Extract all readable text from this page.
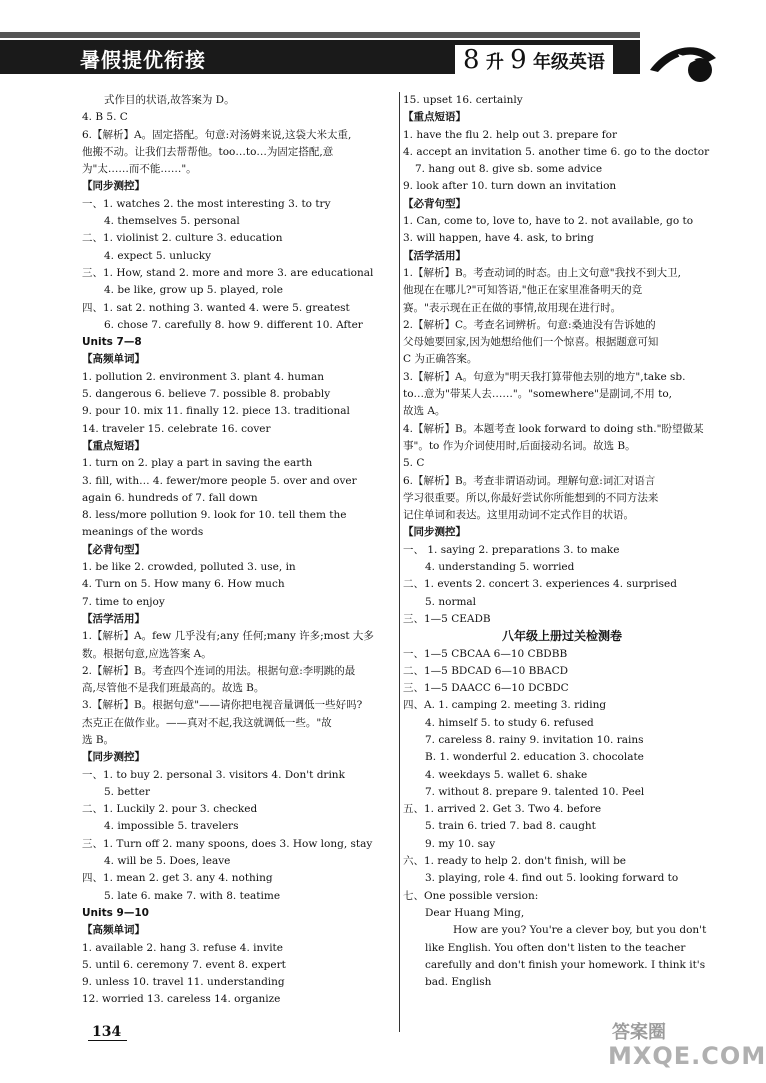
暑假提优衔接	8 升 9 年级英语
式作目的状语,故答案为 D。
4. B 5. C
6.【解析】A。固定搭配。句意:对汤姆来说,这袋大米太重,
他搬不动。让我们去帮帮他。too…to…为固定搭配,意
为"太……而不能……"。
【同步测控】
一、1. watches 2. the most interesting 3. to try
4. themselves 5. personal
二、1. violinist 2. culture 3. education
4. expect 5. unlucky
三、1. How, stand 2. more and more 3. are educational
4. be like, grow up 5. played, role
四、1. sat 2. nothing 3. wanted 4. were 5. greatest
6. chose 7. carefully 8. how 9. different 10. After
Units 7—8
【高频单词】
1. pollution 2. environment 3. plant 4. human
5. dangerous 6. believe 7. possible 8. probably
9. pour 10. mix 11. finally 12. piece 13. traditional
14. traveler 15. celebrate 16. cover
【重点短语】
1. turn on 2. play a part in saving the earth
3. fill, with… 4. fewer/more people 5. over and over
again 6. hundreds of 7. fall down
8. less/more pollution 9. look for 10. tell them the
meanings of the words
【必背句型】
1. be like 2. crowded, polluted 3. use, in
4. Turn on 5. How many 6. How much
7. time to enjoy
【活学活用】
1.【解析】A。few 几乎没有;any 任何;many 许多;most 大多
数。根据句意,应选答案 A。
2.【解析】B。考查四个连词的用法。根据句意:李明跳的最
高,尽管他不是我们班最高的。故选 B。
3.【解析】B。根据句意"——请你把电视音量调低一些好吗?
杰克正在做作业。——真对不起,我这就调低一些。"故
选 B。
【同步测控】
一、1. to buy 2. personal 3. visitors 4. Don't drink
5. better
二、1. Luckily 2. pour 3. checked
4. impossible 5. travelers
三、1. Turn off 2. many spoons, does 3. How long, stay
4. will be 5. Does, leave
四、1. mean 2. get 3. any 4. nothing
5. late 6. make 7. with 8. teatime
Units 9—10
【高频单词】
1. available 2. hang 3. refuse 4. invite
5. until 6. ceremony 7. event 8. expert
9. unless 10. travel 11. understanding
12. worried 13. careless 14. organize
15. upset 16. certainly
【重点短语】
1. have the flu 2. help out 3. prepare for
4. accept an invitation 5. another time 6. go to the doctor
7. hang out 8. give sb. some advice
9. look after 10. turn down an invitation
【必背句型】
1. Can, come to, love to, have to 2. not available, go to
3. will happen, have 4. ask, to bring
【活学活用】
1.【解析】B。考查动词的时态。由上文句意"我找不到大卫,
他现在在哪儿?"可知答语,"他正在家里准备明天的竞
赛。"表示现在正在做的事情,故用现在进行时。
2.【解析】C。考查名词辨析。句意:桑迪没有告诉她的
父母她要回家,因为她想给他们一个惊喜。根据题意可知
C 为正确答案。
3.【解析】A。句意为"明天我打算带他去别的地方",take sb.
to…意为"带某人去……"。"somewhere"是副词,不用 to,
故选 A。
4.【解析】B。本题考查 look forward to doing sth."盼望做某
事"。to 作为介词使用时,后面接动名词。故选 B。
5. C
6.【解析】B。考查非谓语动词。理解句意:词汇对语言
学习很重要。所以,你最好尝试你所能想到的不同方法来
记住单词和表达。这里用动词不定式作目的状语。
【同步测控】
一、 1. saying 2. preparations 3. to make
4. understanding 5. worried
二、1. events 2. concert 3. experiences 4. surprised
5. normal
三、1—5 CEADB
八年级上册过关检测卷
一、1—5 CBCAA 6—10 CBDBB
二、1—5 BDCAD 6—10 BBACD
三、1—5 DAACC 6—10 DCBDC
四、A. 1. camping 2. meeting 3. riding
4. himself 5. to study 6. refused
7. careless 8. rainy 9. invitation 10. rains
B. 1. wonderful 2. education 3. chocolate
4. weekdays 5. wallet 6. shake
7. without 8. prepare 9. talented 10. Peel
五、1. arrived 2. Get 3. Two 4. before
5. train 6. tried 7. bad 8. caught
9. my 10. say
六、1. ready to help 2. don't finish, will be
3. playing, role 4. find out 5. looking forward to
七、One possible version:
Dear Huang Ming,
How are you? You're a clever boy, but you don't like English. You often don't listen to the teacher carefully and don't finish your homework. I think it's bad. English
134	答案圈
MXQE.COM
